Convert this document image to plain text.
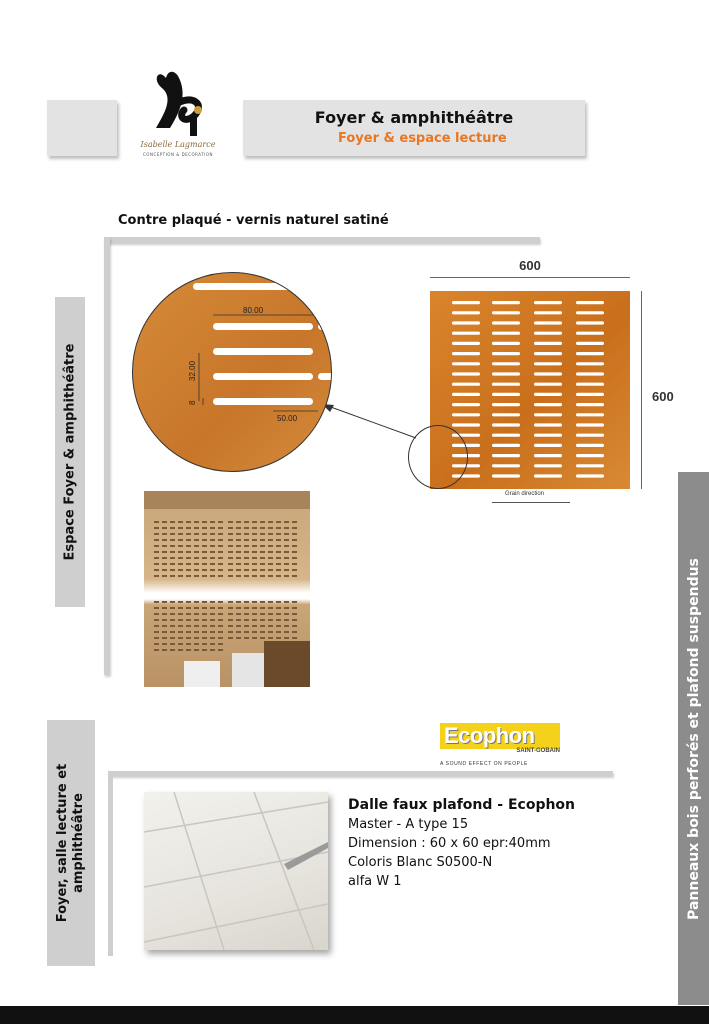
Isabelle Lagmarce
CONCEPTION & DECORATION
Foyer & amphithéâtre
Foyer & espace lecture
Contre plaqué - vernis naturel satiné
Espace Foyer & amphithéâtre
600
600
Grain direction
80.00
32.00
8
50.00
Foyer, salle lecture et amphithéâtre
Ecophon
SAINT-GOBAIN
A SOUND EFFECT ON PEOPLE
Dalle faux plafond - Ecophon
Master - A type 15
Dimension : 60 x 60 epr:40mm
Coloris Blanc S0500-N
alfa W 1	Panneaux bois perforés et plafond suspendus
